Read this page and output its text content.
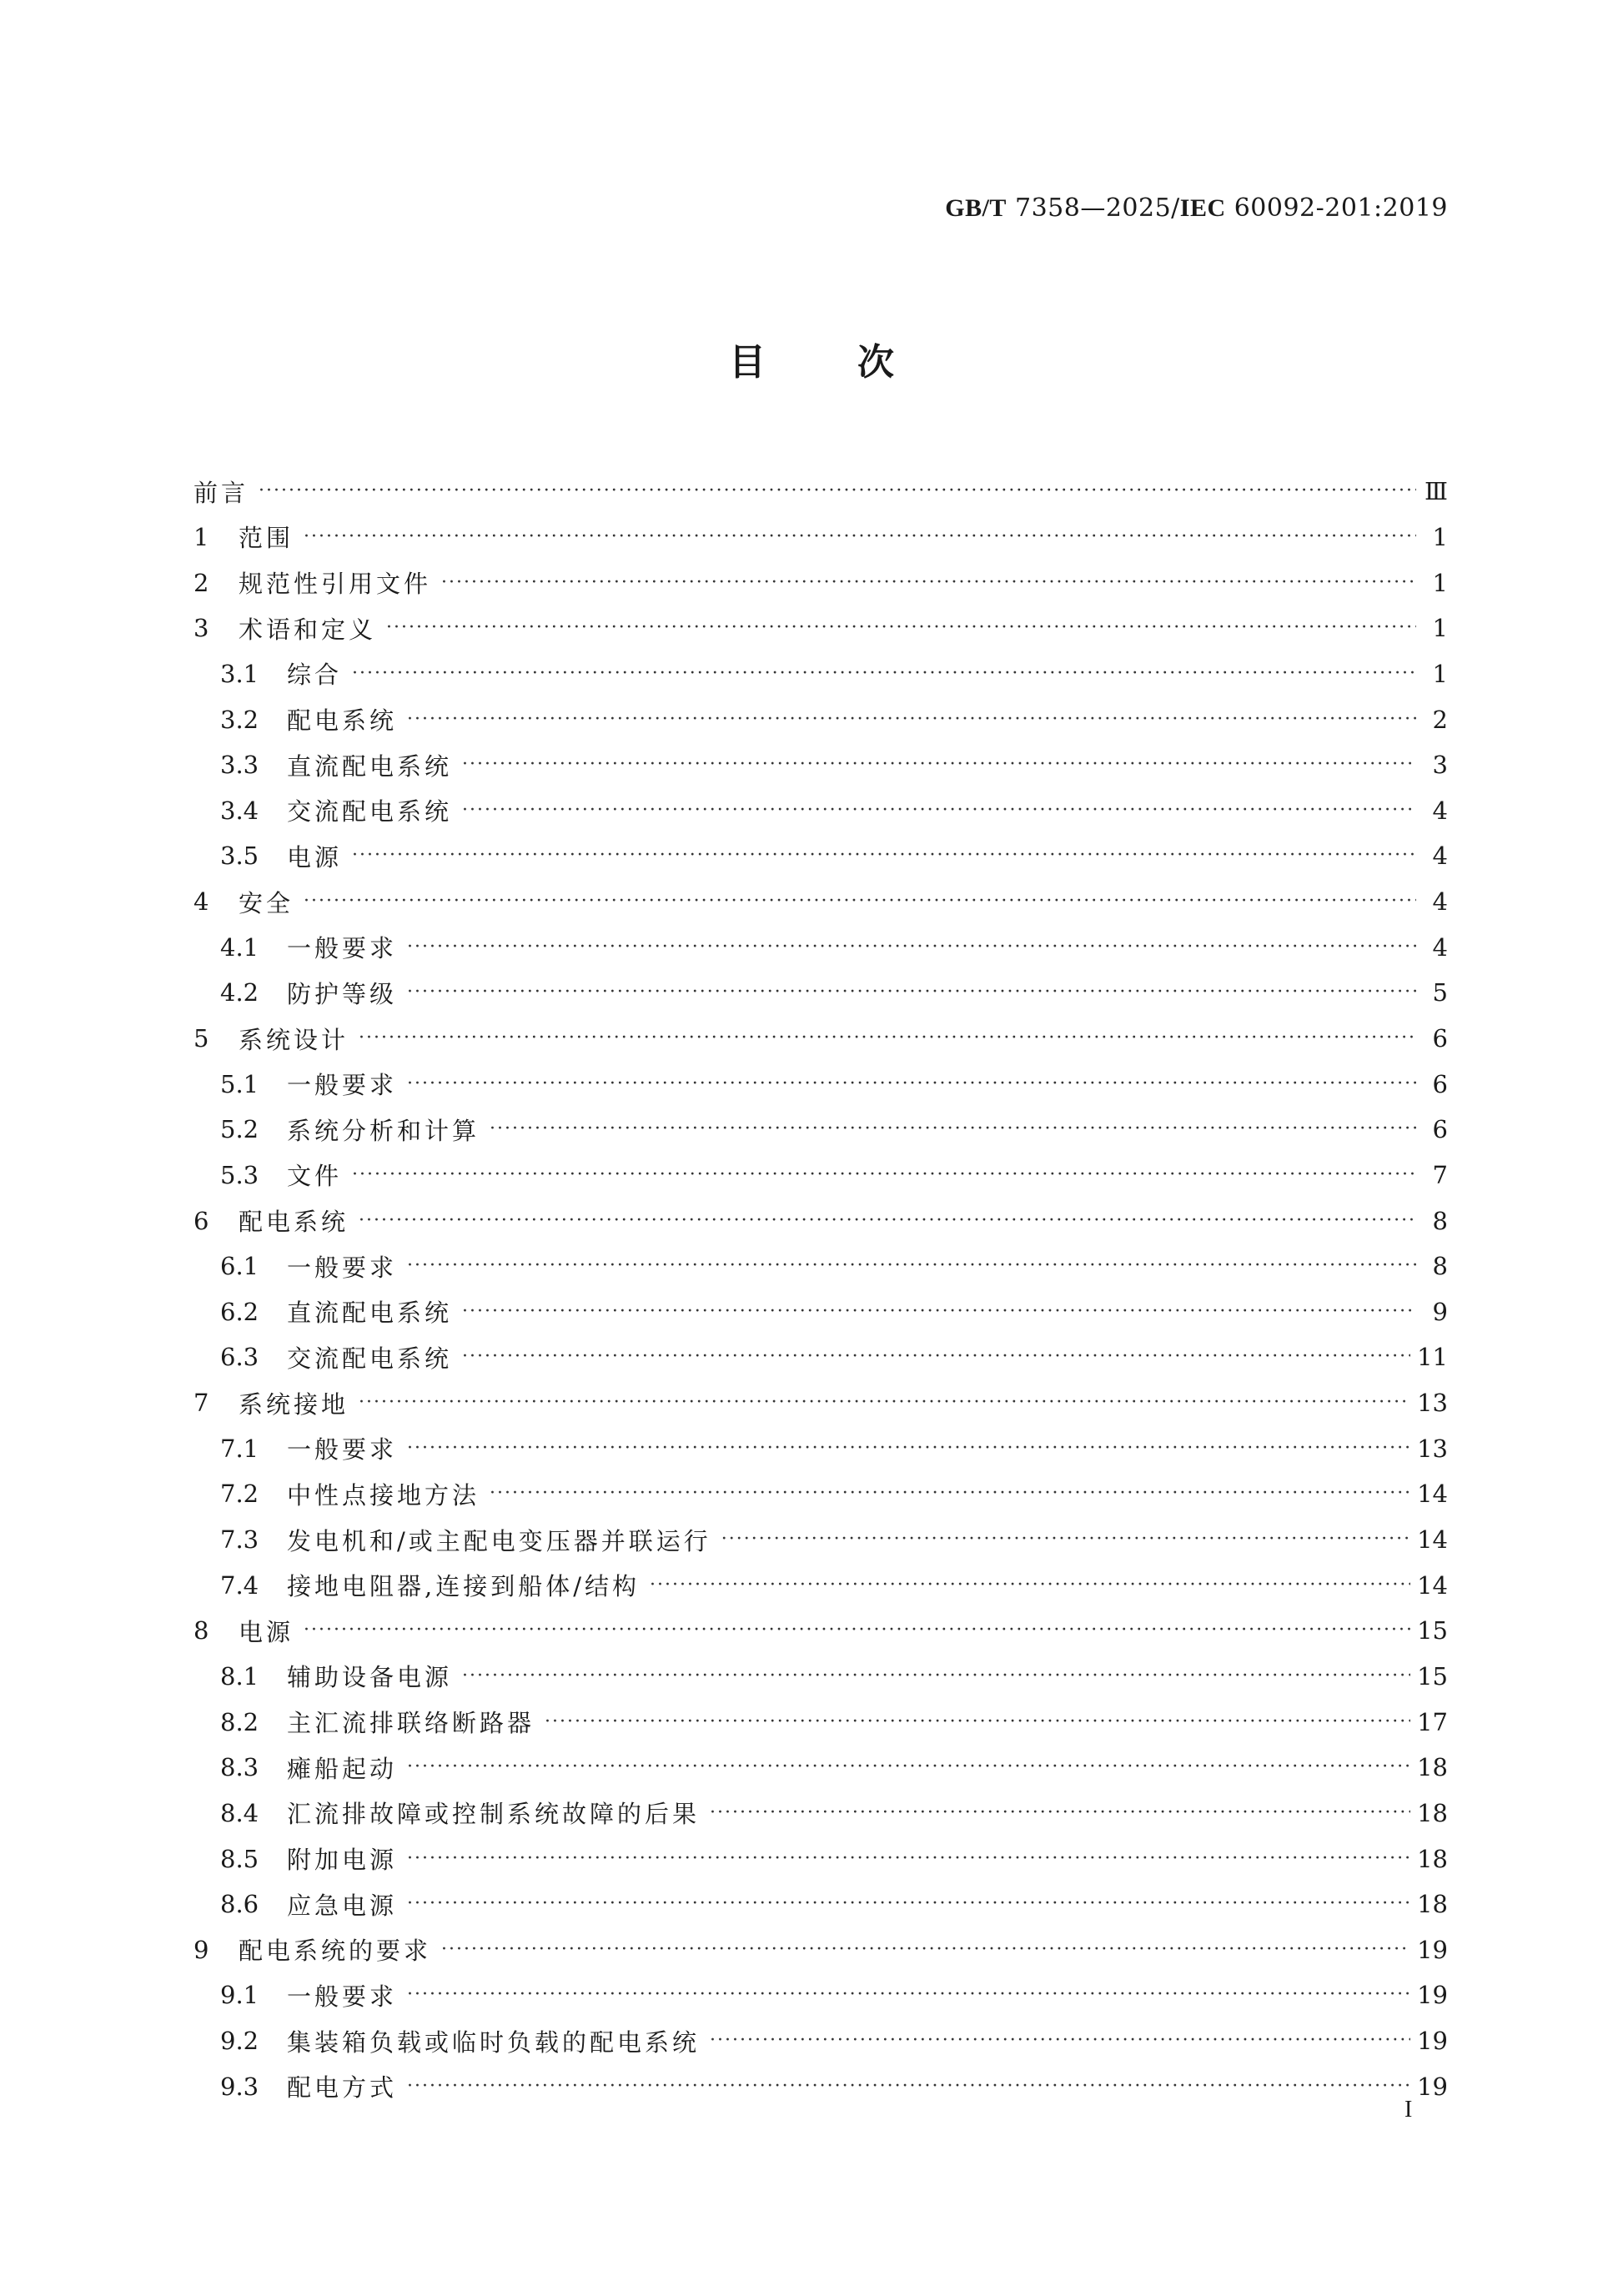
GB/T 7358—2025/IEC 60092-201:2019
目次
前言 ·····	Ⅲ
1	范围 ·····	1
2	规范性引用文件 ·····	1
3	术语和定义 ·····	1
3.1	综合 ·····	1
3.2	配电系统 ·····	2
3.3	直流配电系统 ·····	3
3.4	交流配电系统 ·····	4
3.5	电源 ·····	4
4	安全 ·····	4
4.1	一般要求 ·····	4
4.2	防护等级 ·····	5
5	系统设计 ·····	6
5.1	一般要求 ·····	6
5.2	系统分析和计算 ·····	6
5.3	文件 ·····	7
6	配电系统 ·····	8
6.1	一般要求 ·····	8
6.2	直流配电系统 ·····	9
6.3	交流配电系统 ·····	11
7	系统接地 ·····	13
7.1	一般要求 ·····	13
7.2	中性点接地方法 ·····	14
7.3	发电机和/或主配电变压器并联运行 ·····	14
7.4	接地电阻器,连接到船体/结构 ·····	14
8	电源 ·····	15
8.1	辅助设备电源 ·····	15
8.2	主汇流排联络断路器 ·····	17
8.3	瘫船起动 ·····	18
8.4	汇流排故障或控制系统故障的后果 ·····	18
8.5	附加电源 ·····	18
8.6	应急电源 ·····	18
9	配电系统的要求 ·····	19
9.1	一般要求 ·····	19
9.2	集装箱负载或临时负载的配电系统 ·····	19
9.3	配电方式 ·····	19
I
